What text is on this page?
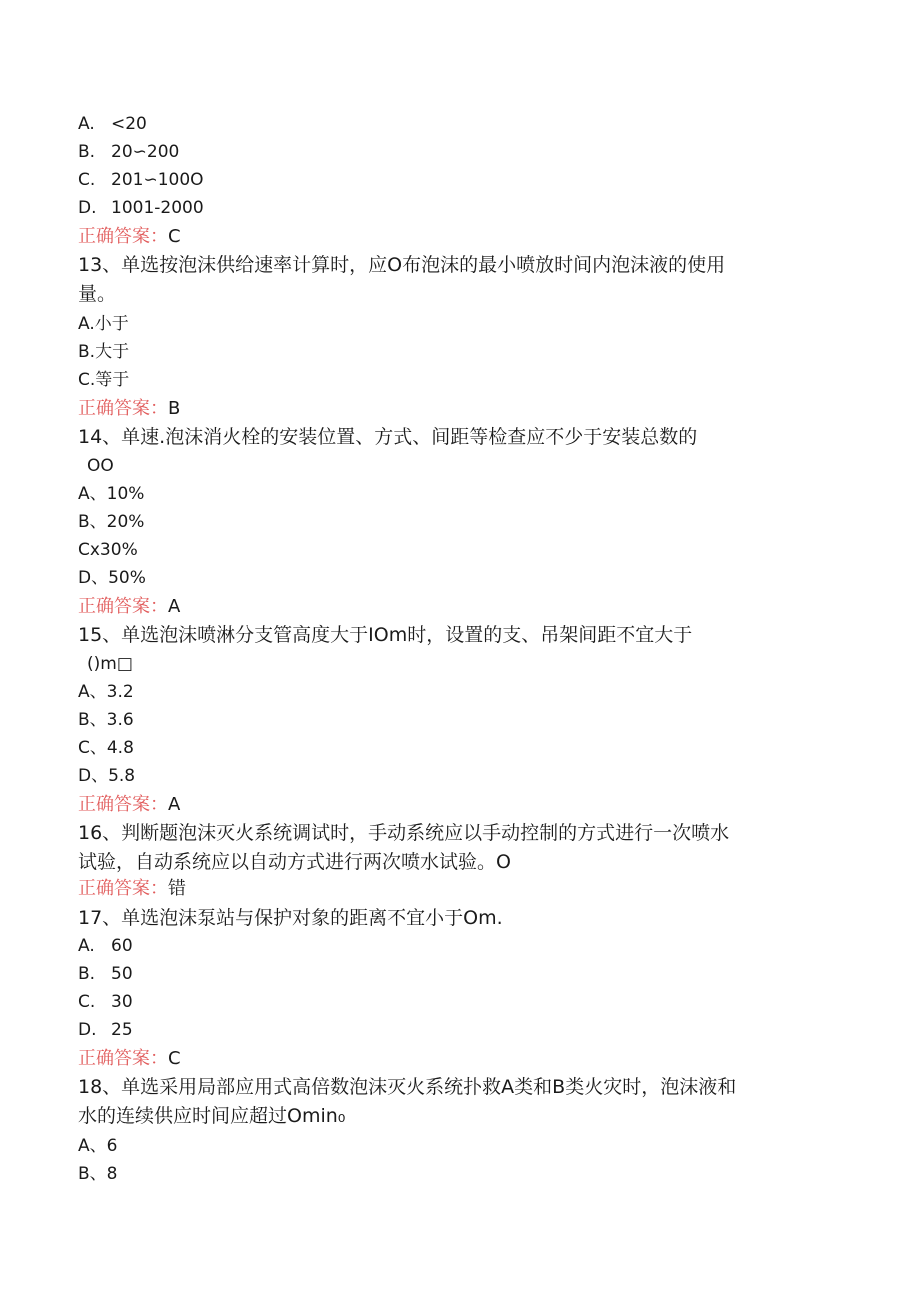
A. <20
B. 20∽200
C. 201∽100O
D. 1001-2000
正确答案：C
13、单选按泡沫供给速率计算时，应O布泡沫的最小喷放时间内泡沫液的使用
量。
A.小于
B.大于
C.等于
正确答案：B
14、单速.泡沫消火栓的安装位置、方式、间距等检查应不少于安装总数的
OO
A、10%
B、20%
Cx30%
D、50%
正确答案：A
15、单选泡沫喷淋分支管高度大于IOm时，设置的支、吊架间距不宜大于
()m□
A、3.2
B、3.6
C、4.8
D、5.8
正确答案：A
16、判断题泡沫灭火系统调试时，手动系统应以手动控制的方式进行一次喷水
试验，自动系统应以自动方式进行两次喷水试验。O
正确答案：错
17、单选泡沫泵站与保护对象的距离不宜小于Om.
A. 60
B. 50
C. 30
D. 25
正确答案：C
18、单选采用局部应用式高倍数泡沫灭火系统扑救A类和B类火灾时，泡沫液和
水的连续供应时间应超过Omin₀
A、6
B、8
